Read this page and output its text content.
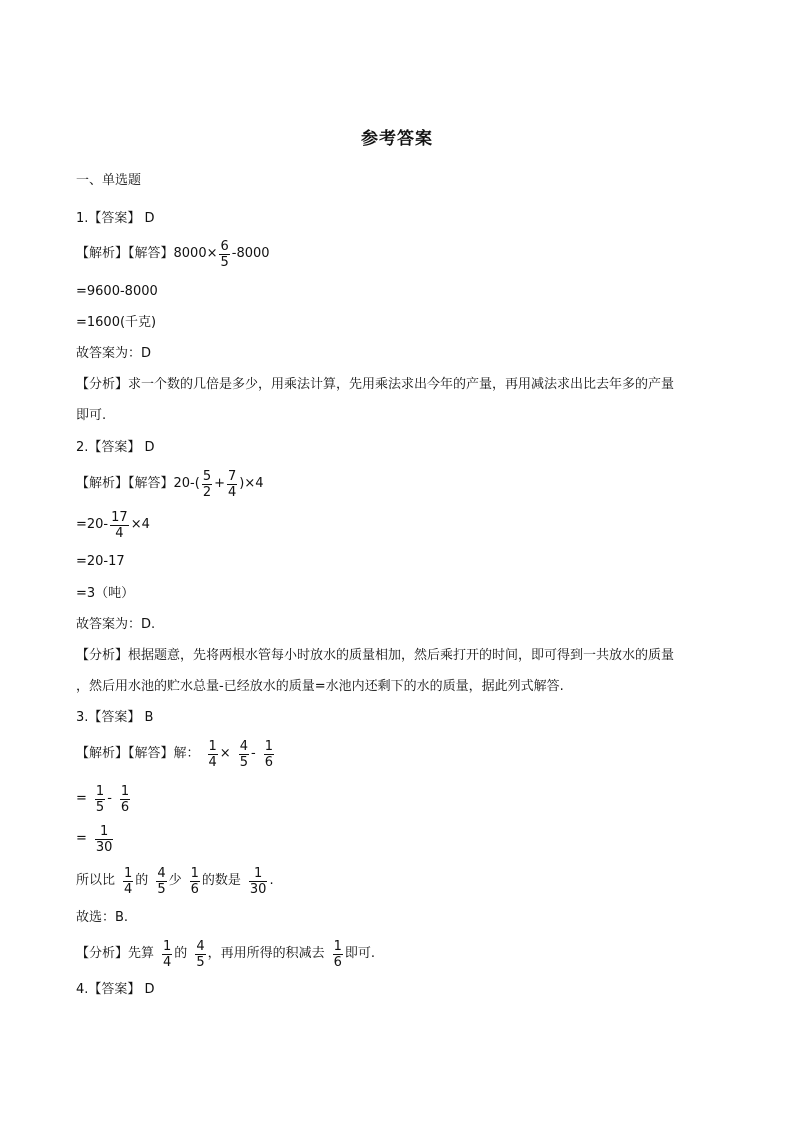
参考答案
一、单选题
1.【答案】 D
【解析】【解答】$8000\times \frac{6}{5} -8000$
=9600-8000
=1600(千克)
故答案为：D
【分析】求一个数的几倍是多少，用乘法计算，先用乘法求出今年的产量，再用减法求出比去年多的产量
即可.
2.【答案】 D
【解析】【解答】$20-( \frac{5}{2} + \frac{7}{4} )\times 4$
$=20- \frac{17}{4} \times 4$
=20-17
=3（吨）
故答案为：D.
【分析】根据题意，先将两根水管每小时放水的质量相加，然后乘打开的时间，即可得到一共放水的质量
，然后用水池的贮水总量-已经放水的质量=水池内还剩下的水的质量，据此列式解答.
3.【答案】 B
【解析】【解答】解： $\frac{1}{4} \times \frac{4}{5} - \frac{1}{6}$
= $\frac{1}{5} - \frac{1}{6}$
= $\frac{1}{30}$
所以比 $\frac{1}{4}$ 的 $\frac{4}{5}$ 少 $\frac{1}{6}$ 的数是 $\frac{1}{30}$ .
故选：B.
【分析】先算 $\frac{1}{4}$ 的 $\frac{4}{5}$ ，再用所得的积减去 $\frac{1}{6}$ 即可.
4.【答案】 D
